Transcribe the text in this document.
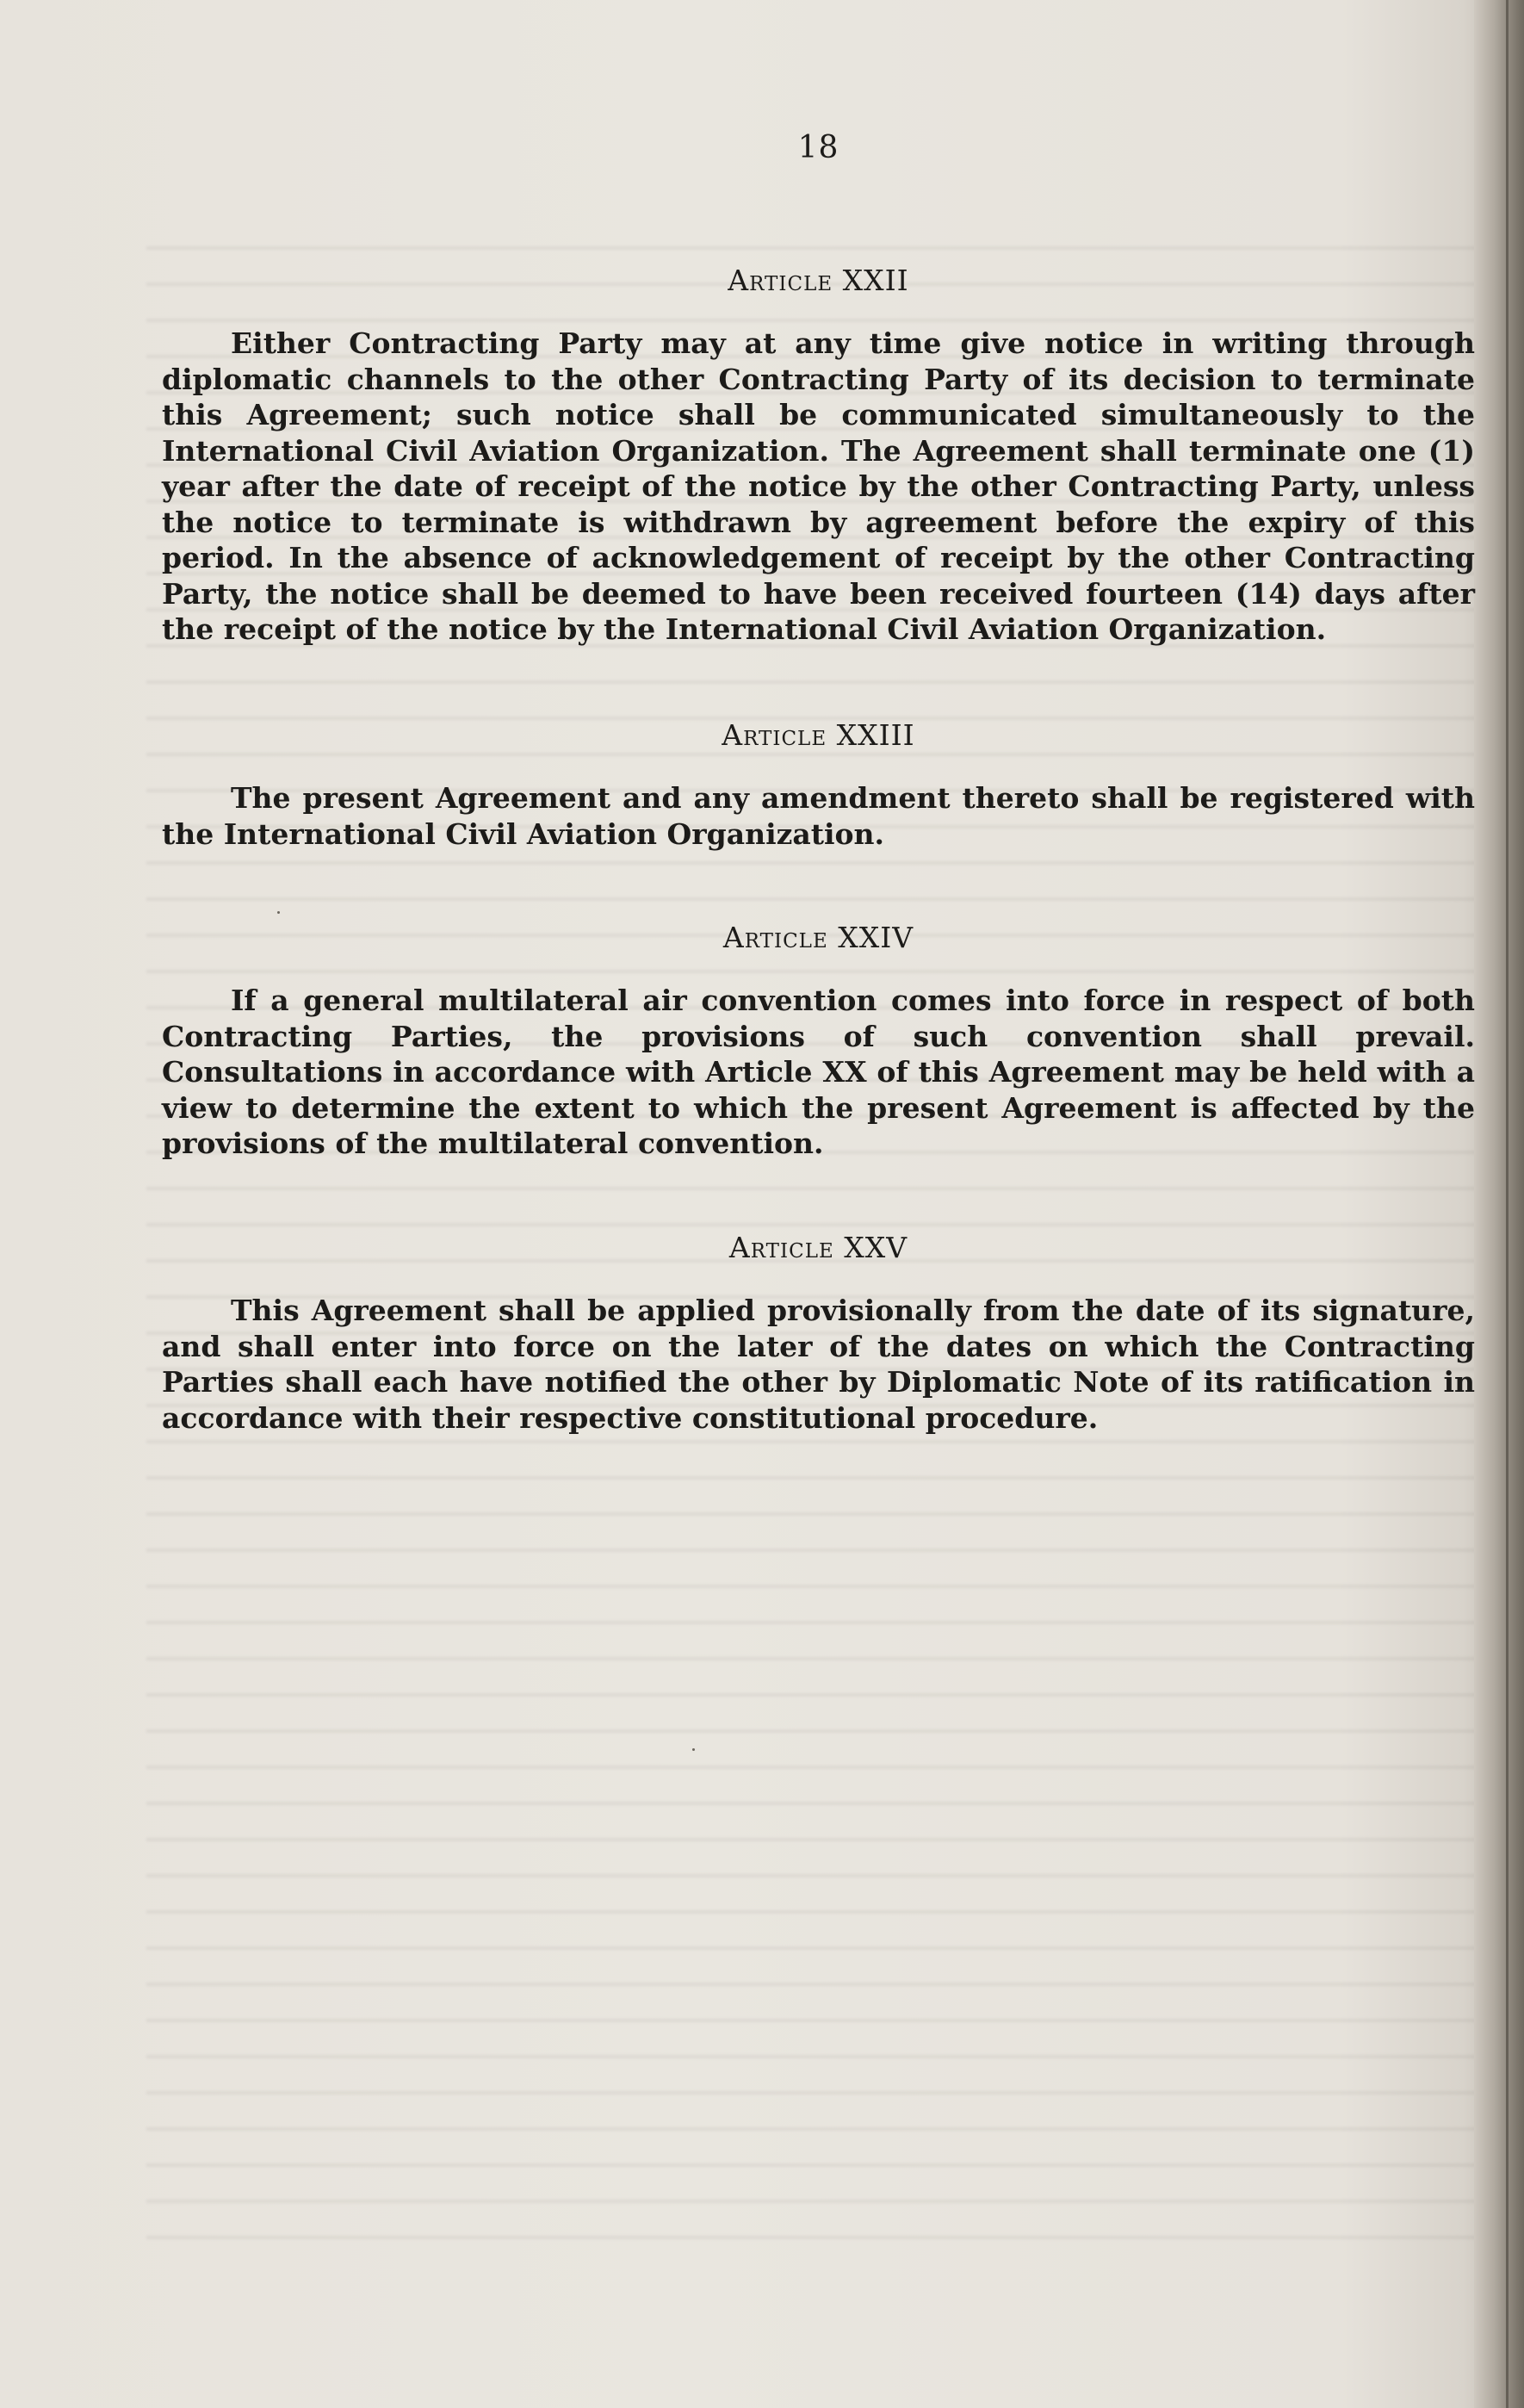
18
Article XXII

Either Contracting Party may at any time give notice in writing through diplomatic channels to the other Contracting Party of its decision to terminate this Agreement; such notice shall be communicated simultaneously to the International Civil Aviation Organization. The Agreement shall terminate one (1) year after the date of receipt of the notice by the other Contracting Party, unless the notice to terminate is withdrawn by agreement before the expiry of this period. In the absence of acknowledgement of receipt by the other Contracting Party, the notice shall be deemed to have been received fourteen (14) days after the receipt of the notice by the International Civil Aviation Organization.

Article XXIII

The present Agreement and any amendment thereto shall be registered with the International Civil Aviation Organization.

Article XXIV

If a general multilateral air convention comes into force in respect of both Contracting Parties, the provisions of such convention shall prevail. Consultations in accordance with Article XX of this Agreement may be held with a view to determine the extent to which the present Agreement is affected by the provisions of the multilateral convention.

Article XXV

This Agreement shall be applied provisionally from the date of its signature, and shall enter into force on the later of the dates on which the Contracting Parties shall each have notified the other by Diplomatic Note of its ratification in accordance with their respective constitutional procedure.
